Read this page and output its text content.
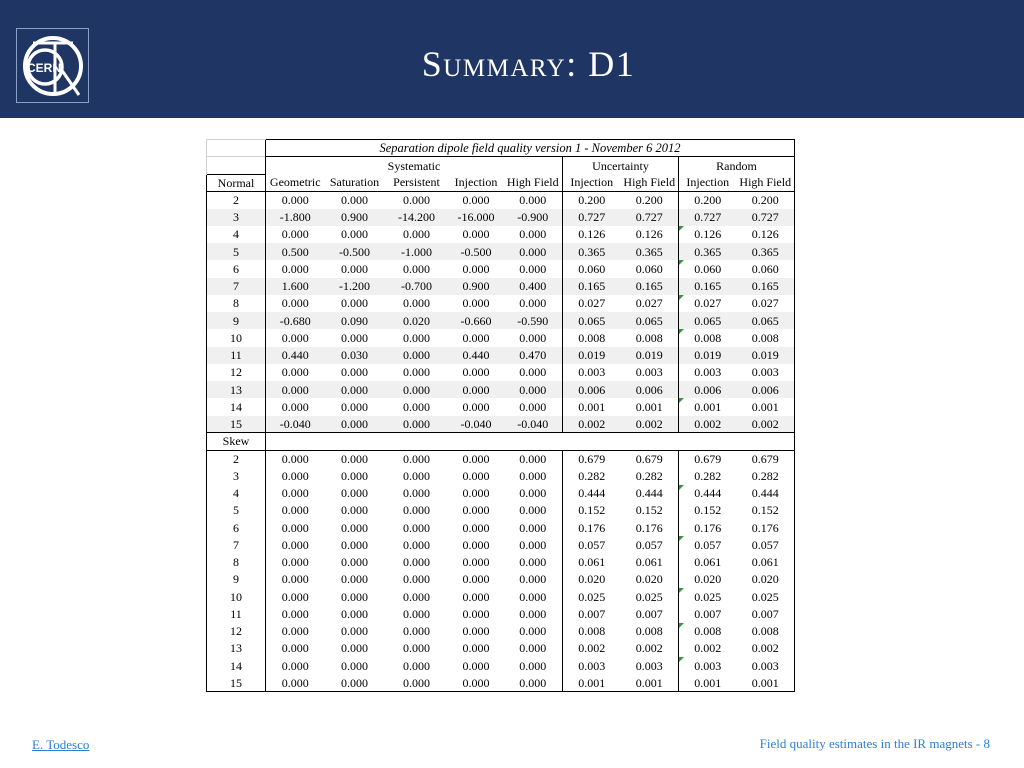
CERN	Summary: D1
	Separation dipole field quality version 1 - November 6 2012								
	Systematic					Uncertainty		Random	
Normal	Geometric	Saturation	Persistent	Injection	High Field	Injection	High Field	Injection	High Field
2	0.000	0.000	0.000	0.000	0.000	0.200	0.200	0.200	0.200
3	-1.800	0.900	-14.200	-16.000	-0.900	0.727	0.727	0.727	0.727
4	0.000	0.000	0.000	0.000	0.000	0.126	0.126	0.126	0.126
5	0.500	-0.500	-1.000	-0.500	0.000	0.365	0.365	0.365	0.365
6	0.000	0.000	0.000	0.000	0.000	0.060	0.060	0.060	0.060
7	1.600	-1.200	-0.700	0.900	0.400	0.165	0.165	0.165	0.165
8	0.000	0.000	0.000	0.000	0.000	0.027	0.027	0.027	0.027
9	-0.680	0.090	0.020	-0.660	-0.590	0.065	0.065	0.065	0.065
10	0.000	0.000	0.000	0.000	0.000	0.008	0.008	0.008	0.008
11	0.440	0.030	0.000	0.440	0.470	0.019	0.019	0.019	0.019
12	0.000	0.000	0.000	0.000	0.000	0.003	0.003	0.003	0.003
13	0.000	0.000	0.000	0.000	0.000	0.006	0.006	0.006	0.006
14	0.000	0.000	0.000	0.000	0.000	0.001	0.001	0.001	0.001
15	-0.040	0.000	0.000	-0.040	-0.040	0.002	0.002	0.002	0.002
Skew									
2	0.000	0.000	0.000	0.000	0.000	0.679	0.679	0.679	0.679
3	0.000	0.000	0.000	0.000	0.000	0.282	0.282	0.282	0.282
4	0.000	0.000	0.000	0.000	0.000	0.444	0.444	0.444	0.444
5	0.000	0.000	0.000	0.000	0.000	0.152	0.152	0.152	0.152
6	0.000	0.000	0.000	0.000	0.000	0.176	0.176	0.176	0.176
7	0.000	0.000	0.000	0.000	0.000	0.057	0.057	0.057	0.057
8	0.000	0.000	0.000	0.000	0.000	0.061	0.061	0.061	0.061
9	0.000	0.000	0.000	0.000	0.000	0.020	0.020	0.020	0.020
10	0.000	0.000	0.000	0.000	0.000	0.025	0.025	0.025	0.025
11	0.000	0.000	0.000	0.000	0.000	0.007	0.007	0.007	0.007
12	0.000	0.000	0.000	0.000	0.000	0.008	0.008	0.008	0.008
13	0.000	0.000	0.000	0.000	0.000	0.002	0.002	0.002	0.002
14	0.000	0.000	0.000	0.000	0.000	0.003	0.003	0.003	0.003
15	0.000	0.000	0.000	0.000	0.000	0.001	0.001	0.001	0.001
E. Todesco	Field quality estimates in the IR magnets - 8
